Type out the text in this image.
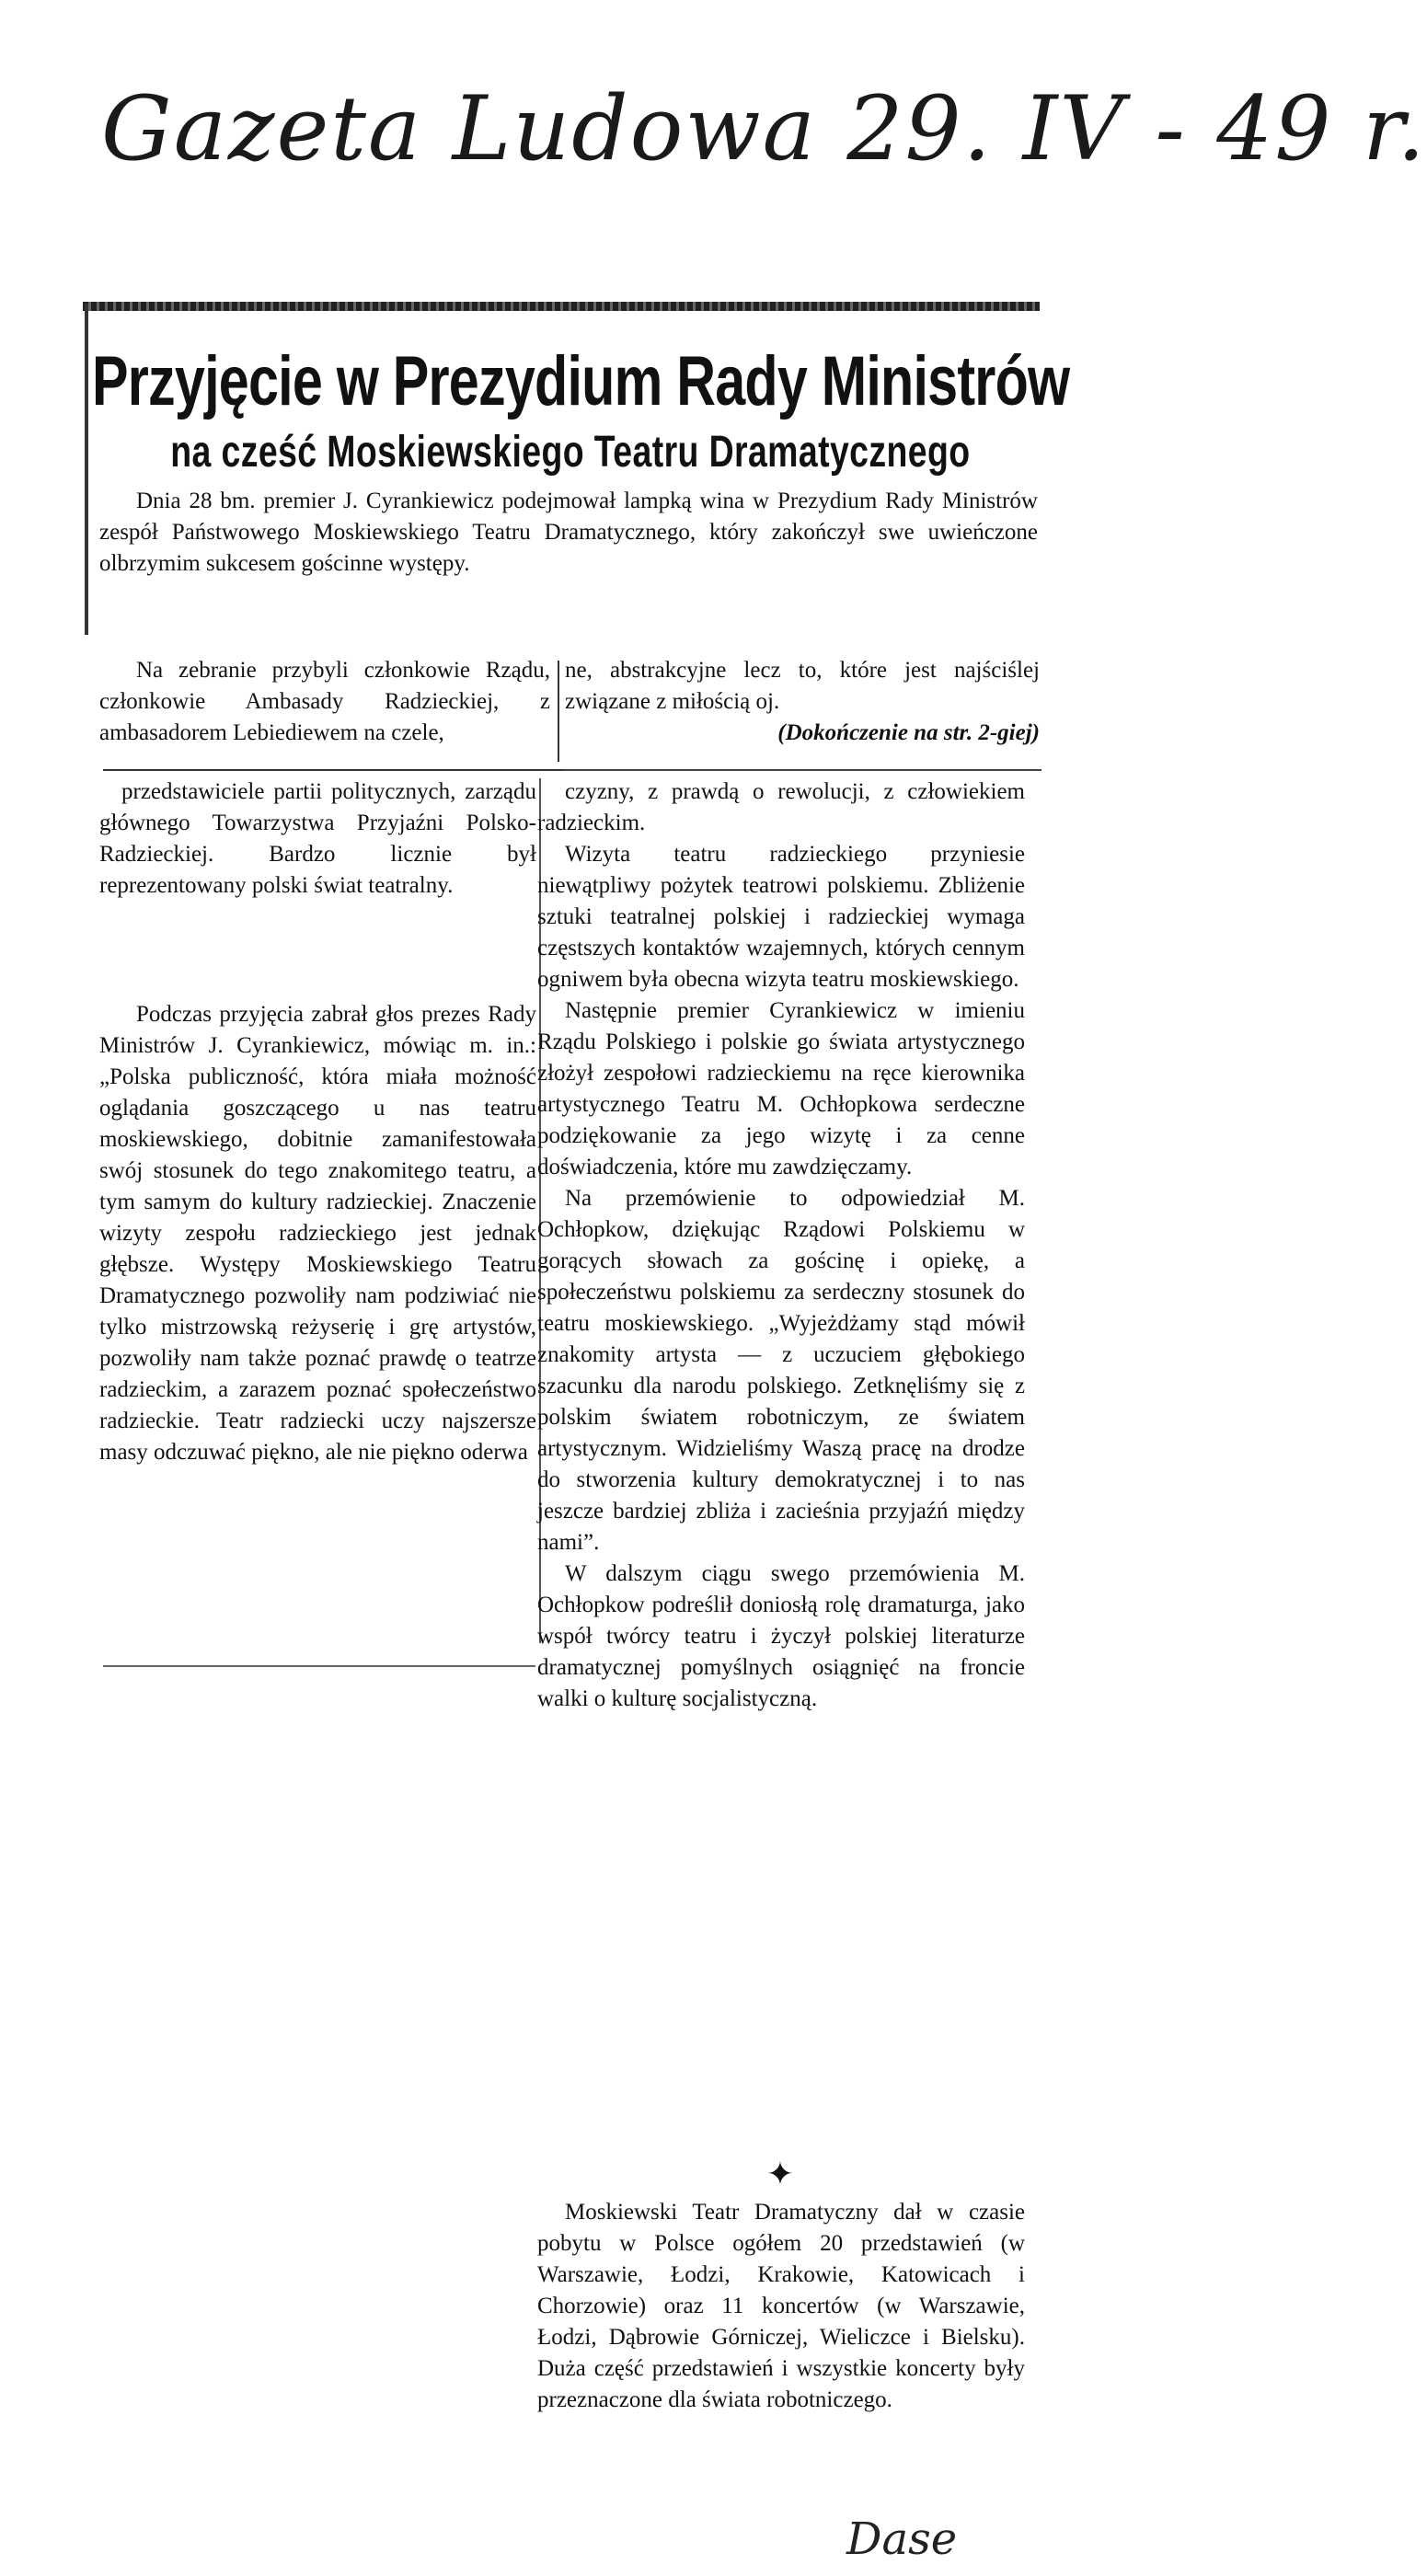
Gazeta Ludowa 29. IV - 49 r.

Przyjęcie w Prezydium Rady Ministrów
na cześć Moskiewskiego Teatru Dramatycznego

Dnia 28 bm. premier J. Cyrankiewicz podejmował lampką wina w Prezydium Rady Ministrów zespół Państwowego Moskiewskiego Teatru Dramatycznego, który zakończył swe uwieńczone olbrzymim sukcesem gościnne występy.

Na zebranie przybyli członkowie Rządu, członkowie Ambasady Radzieckiej, z ambasadorem Lebiediewem na czele,

ne, abstrakcyjne lecz to, które jest najściślej związane z miłością oj.
(Dokończenie na str. 2-giej)

przedstawiciele partii politycznych, zarządu głównego Towarzystwa Przyjaźni Polsko-Radzieckiej. Bardzo licznie był reprezentowany polski świat teatralny.

Podczas przyjęcia zabrał głos prezes Rady Ministrów J. Cyrankiewicz, mówiąc m. in.: „Polska publiczność, która miała możność oglądania goszczącego u nas teatru moskiewskiego, dobitnie zamanifestowała swój stosunek do tego znakomitego teatru, a tym samym do kultury radzieckiej. Znaczenie wizyty zespołu radzieckiego jest jednak głębsze. Występy Moskiewskiego Teatru Dramatycznego pozwoliły nam podziwiać nie tylko mistrzowską reżyserię i grę artystów, pozwoliły nam także poznać prawdę o teatrze radzieckim, a zarazem poznać społeczeństwo radzieckie. Teatr radziecki uczy najszersze masy odczuwać piękno, ale nie piękno oderwa

czyzny, z prawdą o rewolucji, z człowiekiem radzieckim.

Wizyta teatru radzieckiego przyniesie niewątpliwy pożytek teatrowi polskiemu. Zbliżenie sztuki teatralnej polskiej i radzieckiej wymaga częstszych kontaktów wzajemnych, których cennym ogniwem była obecna wizyta teatru moskiewskiego.

Następnie premier Cyrankiewicz w imieniu Rządu Polskiego i polskie go świata artystycznego złożył zespołowi radzieckiemu na ręce kierownika artystycznego Teatru M. Ochłopkowa serdeczne podziękowanie za jego wizytę i za cenne doświadczenia, które mu zawdzięczamy.

Na przemówienie to odpowiedział M. Ochłopkow, dziękując Rządowi Polskiemu w gorących słowach za gościnę i opiekę, a społeczeństwu polskiemu za serdeczny stosunek do teatru moskiewskiego. „Wyjeżdżamy stąd mówił znakomity artysta — z uczuciem głębokiego szacunku dla narodu polskiego. Zetknęliśmy się z polskim światem robotniczym, ze światem artystycznym. Widzieliśmy Waszą pracę na drodze do stworzenia kultury demokratycznej i to nas jeszcze bardziej zbliża i zacieśnia przyjaźń między nami”.

W dalszym ciągu swego przemówienia M. Ochłopkow podreślił doniosłą rolę dramaturga, jako współ twórcy teatru i życzył polskiej literaturze dramatycznej pomyślnych osiągnięć na froncie walki o kulturę socjalistyczną.

✦

Moskiewski Teatr Dramatyczny dał w czasie pobytu w Polsce ogółem 20 przedstawień (w Warszawie, Łodzi, Krakowie, Katowicach i Chorzowie) oraz 11 koncertów (w Warszawie, Łodzi, Dąbrowie Górniczej, Wieliczce i Bielsku). Duża część przedstawień i wszystkie koncerty były przeznaczone dla świata robotniczego.

Dase
